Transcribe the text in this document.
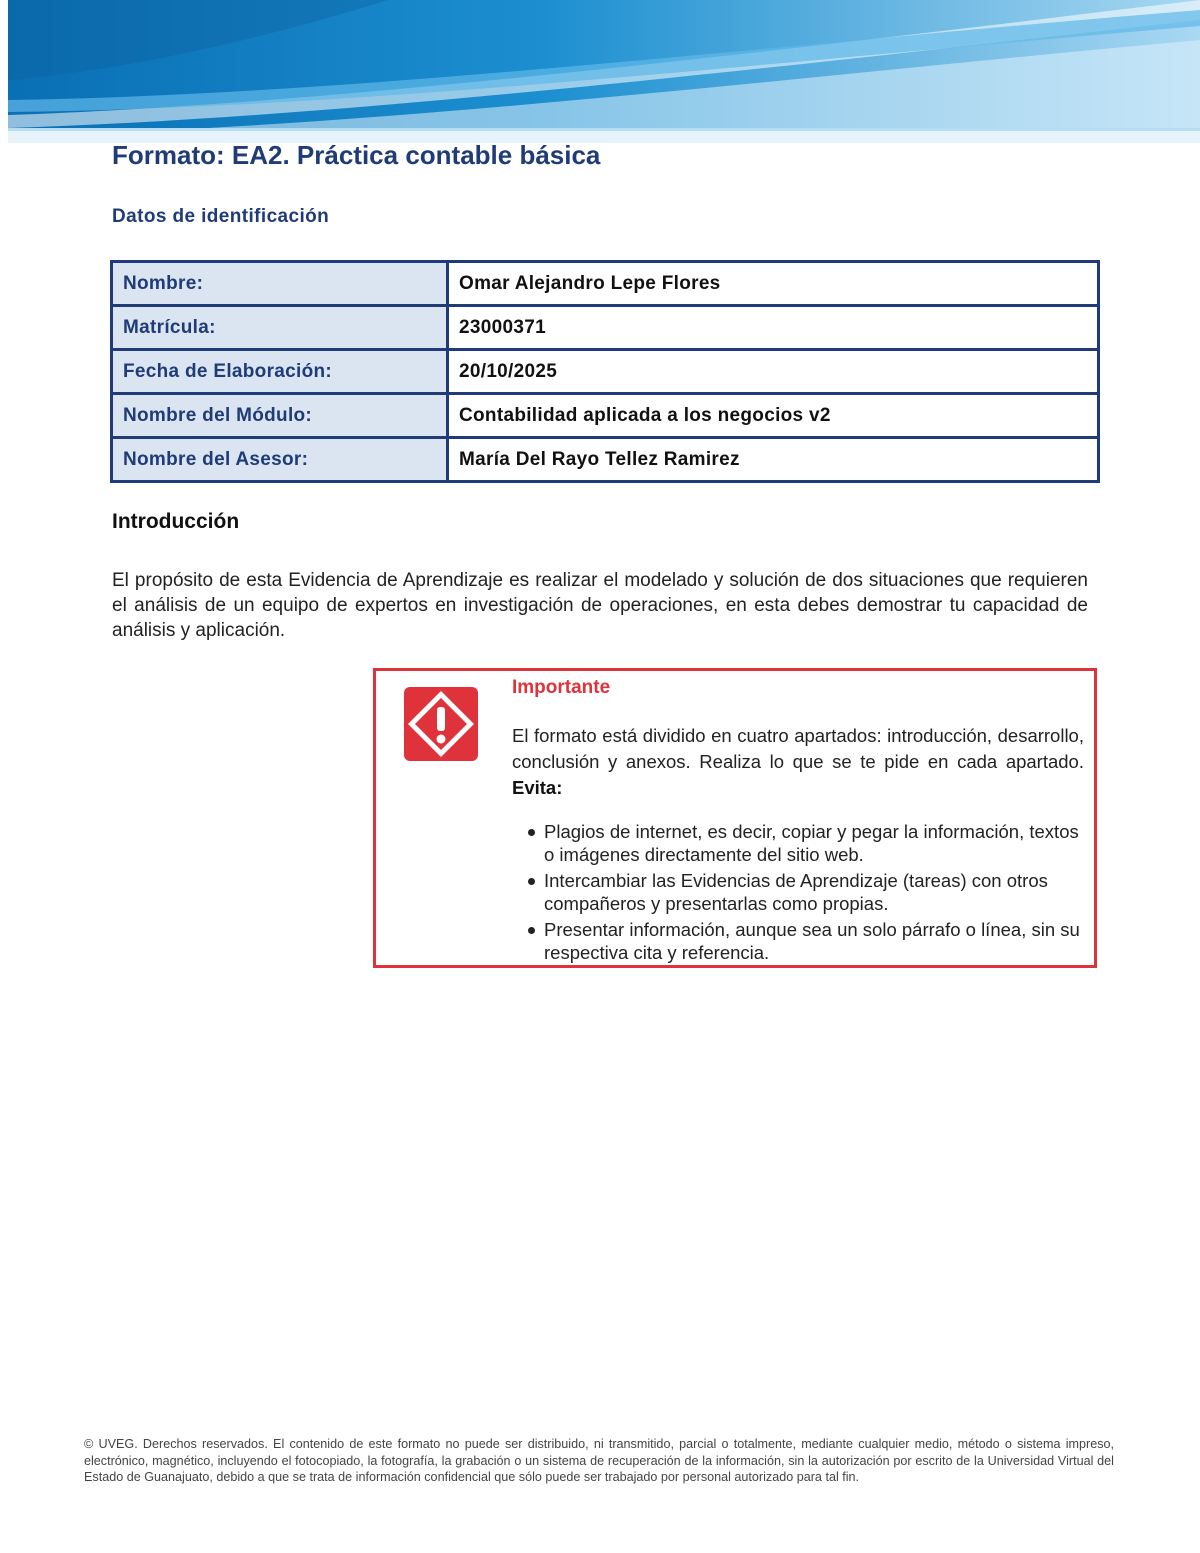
Formato: EA2. Práctica contable básica
Datos de identificación
Nombre:	Omar Alejandro Lepe Flores
Matrícula:	23000371
Fecha de Elaboración:	20/10/2025
Nombre del Módulo:	Contabilidad aplicada a los negocios v2
Nombre del Asesor:	María Del Rayo Tellez Ramirez
Introducción

El propósito de esta Evidencia de Aprendizaje es realizar el modelado y solución de dos situaciones que requieren el análisis de un equipo de expertos en investigación de operaciones, en esta debes demostrar tu capacidad de análisis y aplicación.

Importante

El formato está dividido en cuatro apartados: introducción, desarrollo, conclusión y anexos. Realiza lo que se te pide en cada apartado. Evita:

Plagios de internet, es decir, copiar y pegar la información, textos o imágenes directamente del sitio web.
Intercambiar las Evidencias de Aprendizaje (tareas) con otros compañeros y presentarlas como propias.
Presentar información, aunque sea un solo párrafo o línea, sin su respectiva cita y referencia.

© UVEG. Derechos reservados. El contenido de este formato no puede ser distribuido, ni transmitido, parcial o totalmente, mediante cualquier medio, método o sistema impreso, electrónico, magnético, incluyendo el fotocopiado, la fotografía, la grabación o un sistema de recuperación de la información, sin la autorización por escrito de la Universidad Virtual del Estado de Guanajuato, debido a que se trata de información confidencial que sólo puede ser trabajado por personal autorizado para tal fin.
